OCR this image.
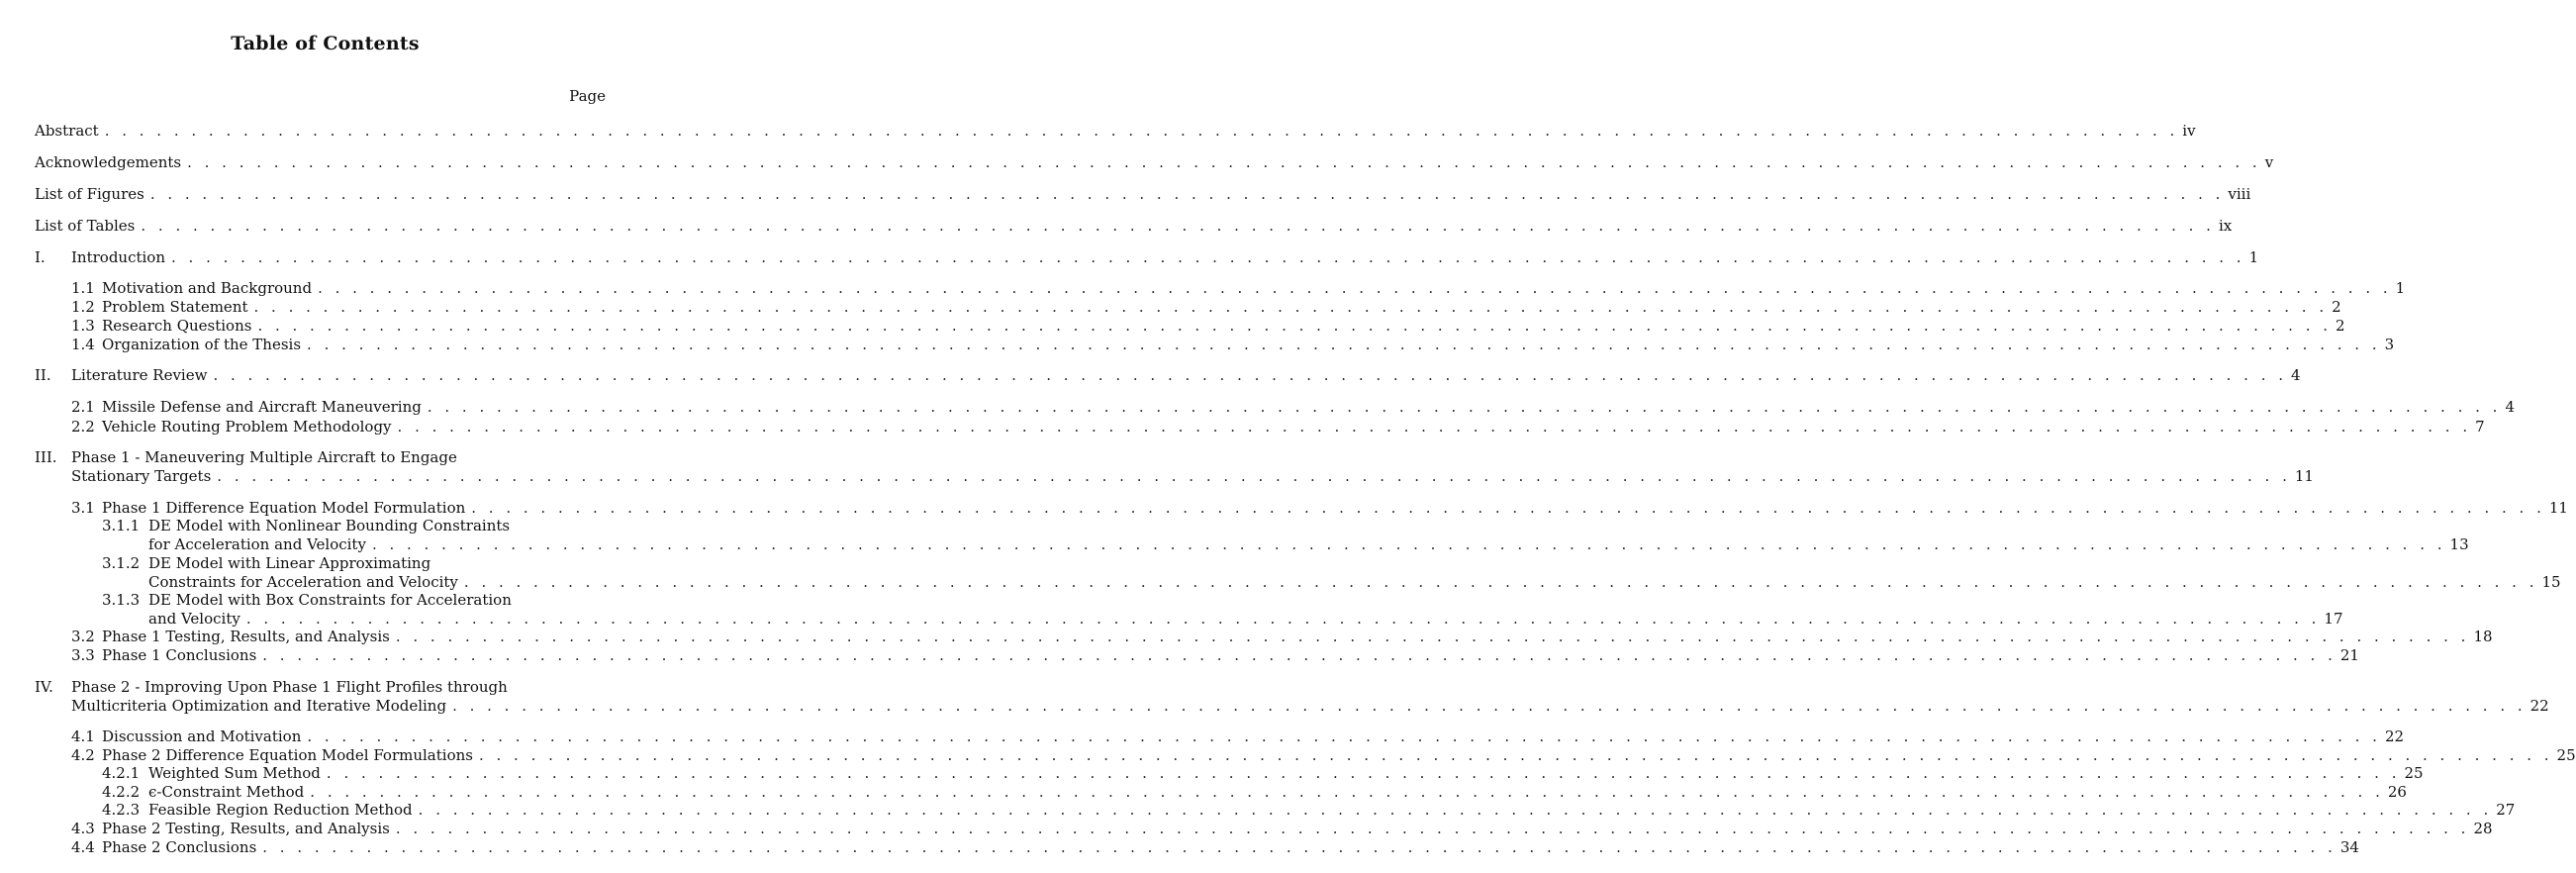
Table of Contents
Page
Abstract . . . . . . . . . . . . . . . . . . . . . . . . . . . . . . . . . . . . . . . . . . . . . . . . . . . . . . . . . . . . . . . . . . . . . . . . . . . . . . . . . . . . . . . . . . . . . . . . . . . . . . . . . . . . . . . . . . . . . . . . iv
Acknowledgements . . . . . . . . . . . . . . . . . . . . . . . . . . . . . . . . . . . . . . . . . . . . . . . . . . . . . . . . . . . . . . . . . . . . . . . . . . . . . . . . . . . . . . . . . . . . . . . . . . . . . . . . . . . . . . . . . . . . . . . . v
List of Figures . . . . . . . . . . . . . . . . . . . . . . . . . . . . . . . . . . . . . . . . . . . . . . . . . . . . . . . . . . . . . . . . . . . . . . . . . . . . . . . . . . . . . . . . . . . . . . . . . . . . . . . . . . . . . . . . . . . . . . . . viii
List of Tables . . . . . . . . . . . . . . . . . . . . . . . . . . . . . . . . . . . . . . . . . . . . . . . . . . . . . . . . . . . . . . . . . . . . . . . . . . . . . . . . . . . . . . . . . . . . . . . . . . . . . . . . . . . . . . . . . . . . . . . . ix
I. Introduction . . . . . . . . . . . . . . . . . . . . . . . . . . . . . . . . . . . . . . . . . . . . . . . . . . . . . . . . . . . . . . . . . . . . . . . . . . . . . . . . . . . . . . . . . . . . . . . . . . . . . . . . . . . . . . . . . . . . . . . . 1
1.1 Motivation and Background . . . . . . . . . . . . . . . . . . . . . . . . . . . . . . . . . . . . . . . . . . . . . . . . . . . . . . . . . . . . . . . . . . . . . . . . . . . . . . . . . . . . . . . . . . . . . . . . . . . . . . . . . . . . . . . . . . . . . . . . 1
1.2 Problem Statement . . . . . . . . . . . . . . . . . . . . . . . . . . . . . . . . . . . . . . . . . . . . . . . . . . . . . . . . . . . . . . . . . . . . . . . . . . . . . . . . . . . . . . . . . . . . . . . . . . . . . . . . . . . . . . . . . . . . . . . . 2
1.3 Research Questions . . . . . . . . . . . . . . . . . . . . . . . . . . . . . . . . . . . . . . . . . . . . . . . . . . . . . . . . . . . . . . . . . . . . . . . . . . . . . . . . . . . . . . . . . . . . . . . . . . . . . . . . . . . . . . . . . . . . . . . . 2
1.4 Organization of the Thesis . . . . . . . . . . . . . . . . . . . . . . . . . . . . . . . . . . . . . . . . . . . . . . . . . . . . . . . . . . . . . . . . . . . . . . . . . . . . . . . . . . . . . . . . . . . . . . . . . . . . . . . . . . . . . . . . . . . . . . . . 3
II. Literature Review . . . . . . . . . . . . . . . . . . . . . . . . . . . . . . . . . . . . . . . . . . . . . . . . . . . . . . . . . . . . . . . . . . . . . . . . . . . . . . . . . . . . . . . . . . . . . . . . . . . . . . . . . . . . . . . . . . . . . . . . 4
2.1 Missile Defense and Aircraft Maneuvering . . . . . . . . . . . . . . . . . . . . . . . . . . . . . . . . . . . . . . . . . . . . . . . . . . . . . . . . . . . . . . . . . . . . . . . . . . . . . . . . . . . . . . . . . . . . . . . . . . . . . . . . . . . . . . . . . . . . . . . . 4
2.2 Vehicle Routing Problem Methodology . . . . . . . . . . . . . . . . . . . . . . . . . . . . . . . . . . . . . . . . . . . . . . . . . . . . . . . . . . . . . . . . . . . . . . . . . . . . . . . . . . . . . . . . . . . . . . . . . . . . . . . . . . . . . . . . . . . . . . . . 7
III. Phase 1 - Maneuvering Multiple Aircraft to Engage
Stationary Targets . . . . . . . . . . . . . . . . . . . . . . . . . . . . . . . . . . . . . . . . . . . . . . . . . . . . . . . . . . . . . . . . . . . . . . . . . . . . . . . . . . . . . . . . . . . . . . . . . . . . . . . . . . . . . . . . . . . . . . . . 11
3.1 Phase 1 Difference Equation Model Formulation . . . . . . . . . . . . . . . . . . . . . . . . . . . . . . . . . . . . . . . . . . . . . . . . . . . . . . . . . . . . . . . . . . . . . . . . . . . . . . . . . . . . . . . . . . . . . . . . . . . . . . . . . . . . . . . . . . . . . . . . 11
3.1.1 DE Model with Nonlinear Bounding Constraints
for Acceleration and Velocity . . . . . . . . . . . . . . . . . . . . . . . . . . . . . . . . . . . . . . . . . . . . . . . . . . . . . . . . . . . . . . . . . . . . . . . . . . . . . . . . . . . . . . . . . . . . . . . . . . . . . . . . . . . . . . . . . . . . . . . . 13
3.1.2 DE Model with Linear Approximating
Constraints for Acceleration and Velocity . . . . . . . . . . . . . . . . . . . . . . . . . . . . . . . . . . . . . . . . . . . . . . . . . . . . . . . . . . . . . . . . . . . . . . . . . . . . . . . . . . . . . . . . . . . . . . . . . . . . . . . . . . . . . . . . . . . . . . . . 15
3.1.3 DE Model with Box Constraints for Acceleration
and Velocity . . . . . . . . . . . . . . . . . . . . . . . . . . . . . . . . . . . . . . . . . . . . . . . . . . . . . . . . . . . . . . . . . . . . . . . . . . . . . . . . . . . . . . . . . . . . . . . . . . . . . . . . . . . . . . . . . . . . . . . . 17
3.2 Phase 1 Testing, Results, and Analysis . . . . . . . . . . . . . . . . . . . . . . . . . . . . . . . . . . . . . . . . . . . . . . . . . . . . . . . . . . . . . . . . . . . . . . . . . . . . . . . . . . . . . . . . . . . . . . . . . . . . . . . . . . . . . . . . . . . . . . . . 18
3.3 Phase 1 Conclusions . . . . . . . . . . . . . . . . . . . . . . . . . . . . . . . . . . . . . . . . . . . . . . . . . . . . . . . . . . . . . . . . . . . . . . . . . . . . . . . . . . . . . . . . . . . . . . . . . . . . . . . . . . . . . . . . . . . . . . . . 21
IV. Phase 2 - Improving Upon Phase 1 Flight Profiles through
Multicriteria Optimization and Iterative Modeling . . . . . . . . . . . . . . . . . . . . . . . . . . . . . . . . . . . . . . . . . . . . . . . . . . . . . . . . . . . . . . . . . . . . . . . . . . . . . . . . . . . . . . . . . . . . . . . . . . . . . . . . . . . . . . . . . . . . . . . . 22
4.1 Discussion and Motivation . . . . . . . . . . . . . . . . . . . . . . . . . . . . . . . . . . . . . . . . . . . . . . . . . . . . . . . . . . . . . . . . . . . . . . . . . . . . . . . . . . . . . . . . . . . . . . . . . . . . . . . . . . . . . . . . . . . . . . . . 22
4.2 Phase 2 Difference Equation Model Formulations . . . . . . . . . . . . . . . . . . . . . . . . . . . . . . . . . . . . . . . . . . . . . . . . . . . . . . . . . . . . . . . . . . . . . . . . . . . . . . . . . . . . . . . . . . . . . . . . . . . . . . . . . . . . . . . . . . . . . . . . 25
4.2.1 Weighted Sum Method . . . . . . . . . . . . . . . . . . . . . . . . . . . . . . . . . . . . . . . . . . . . . . . . . . . . . . . . . . . . . . . . . . . . . . . . . . . . . . . . . . . . . . . . . . . . . . . . . . . . . . . . . . . . . . . . . . . . . . . . 25
4.2.2 ϵ-Constraint Method . . . . . . . . . . . . . . . . . . . . . . . . . . . . . . . . . . . . . . . . . . . . . . . . . . . . . . . . . . . . . . . . . . . . . . . . . . . . . . . . . . . . . . . . . . . . . . . . . . . . . . . . . . . . . . . . . . . . . . . . 26
4.2.3 Feasible Region Reduction Method . . . . . . . . . . . . . . . . . . . . . . . . . . . . . . . . . . . . . . . . . . . . . . . . . . . . . . . . . . . . . . . . . . . . . . . . . . . . . . . . . . . . . . . . . . . . . . . . . . . . . . . . . . . . . . . . . . . . . . . . 27
4.3 Phase 2 Testing, Results, and Analysis . . . . . . . . . . . . . . . . . . . . . . . . . . . . . . . . . . . . . . . . . . . . . . . . . . . . . . . . . . . . . . . . . . . . . . . . . . . . . . . . . . . . . . . . . . . . . . . . . . . . . . . . . . . . . . . . . . . . . . . . 28
4.4 Phase 2 Conclusions . . . . . . . . . . . . . . . . . . . . . . . . . . . . . . . . . . . . . . . . . . . . . . . . . . . . . . . . . . . . . . . . . . . . . . . . . . . . . . . . . . . . . . . . . . . . . . . . . . . . . . . . . . . . . . . . . . . . . . . . 34
